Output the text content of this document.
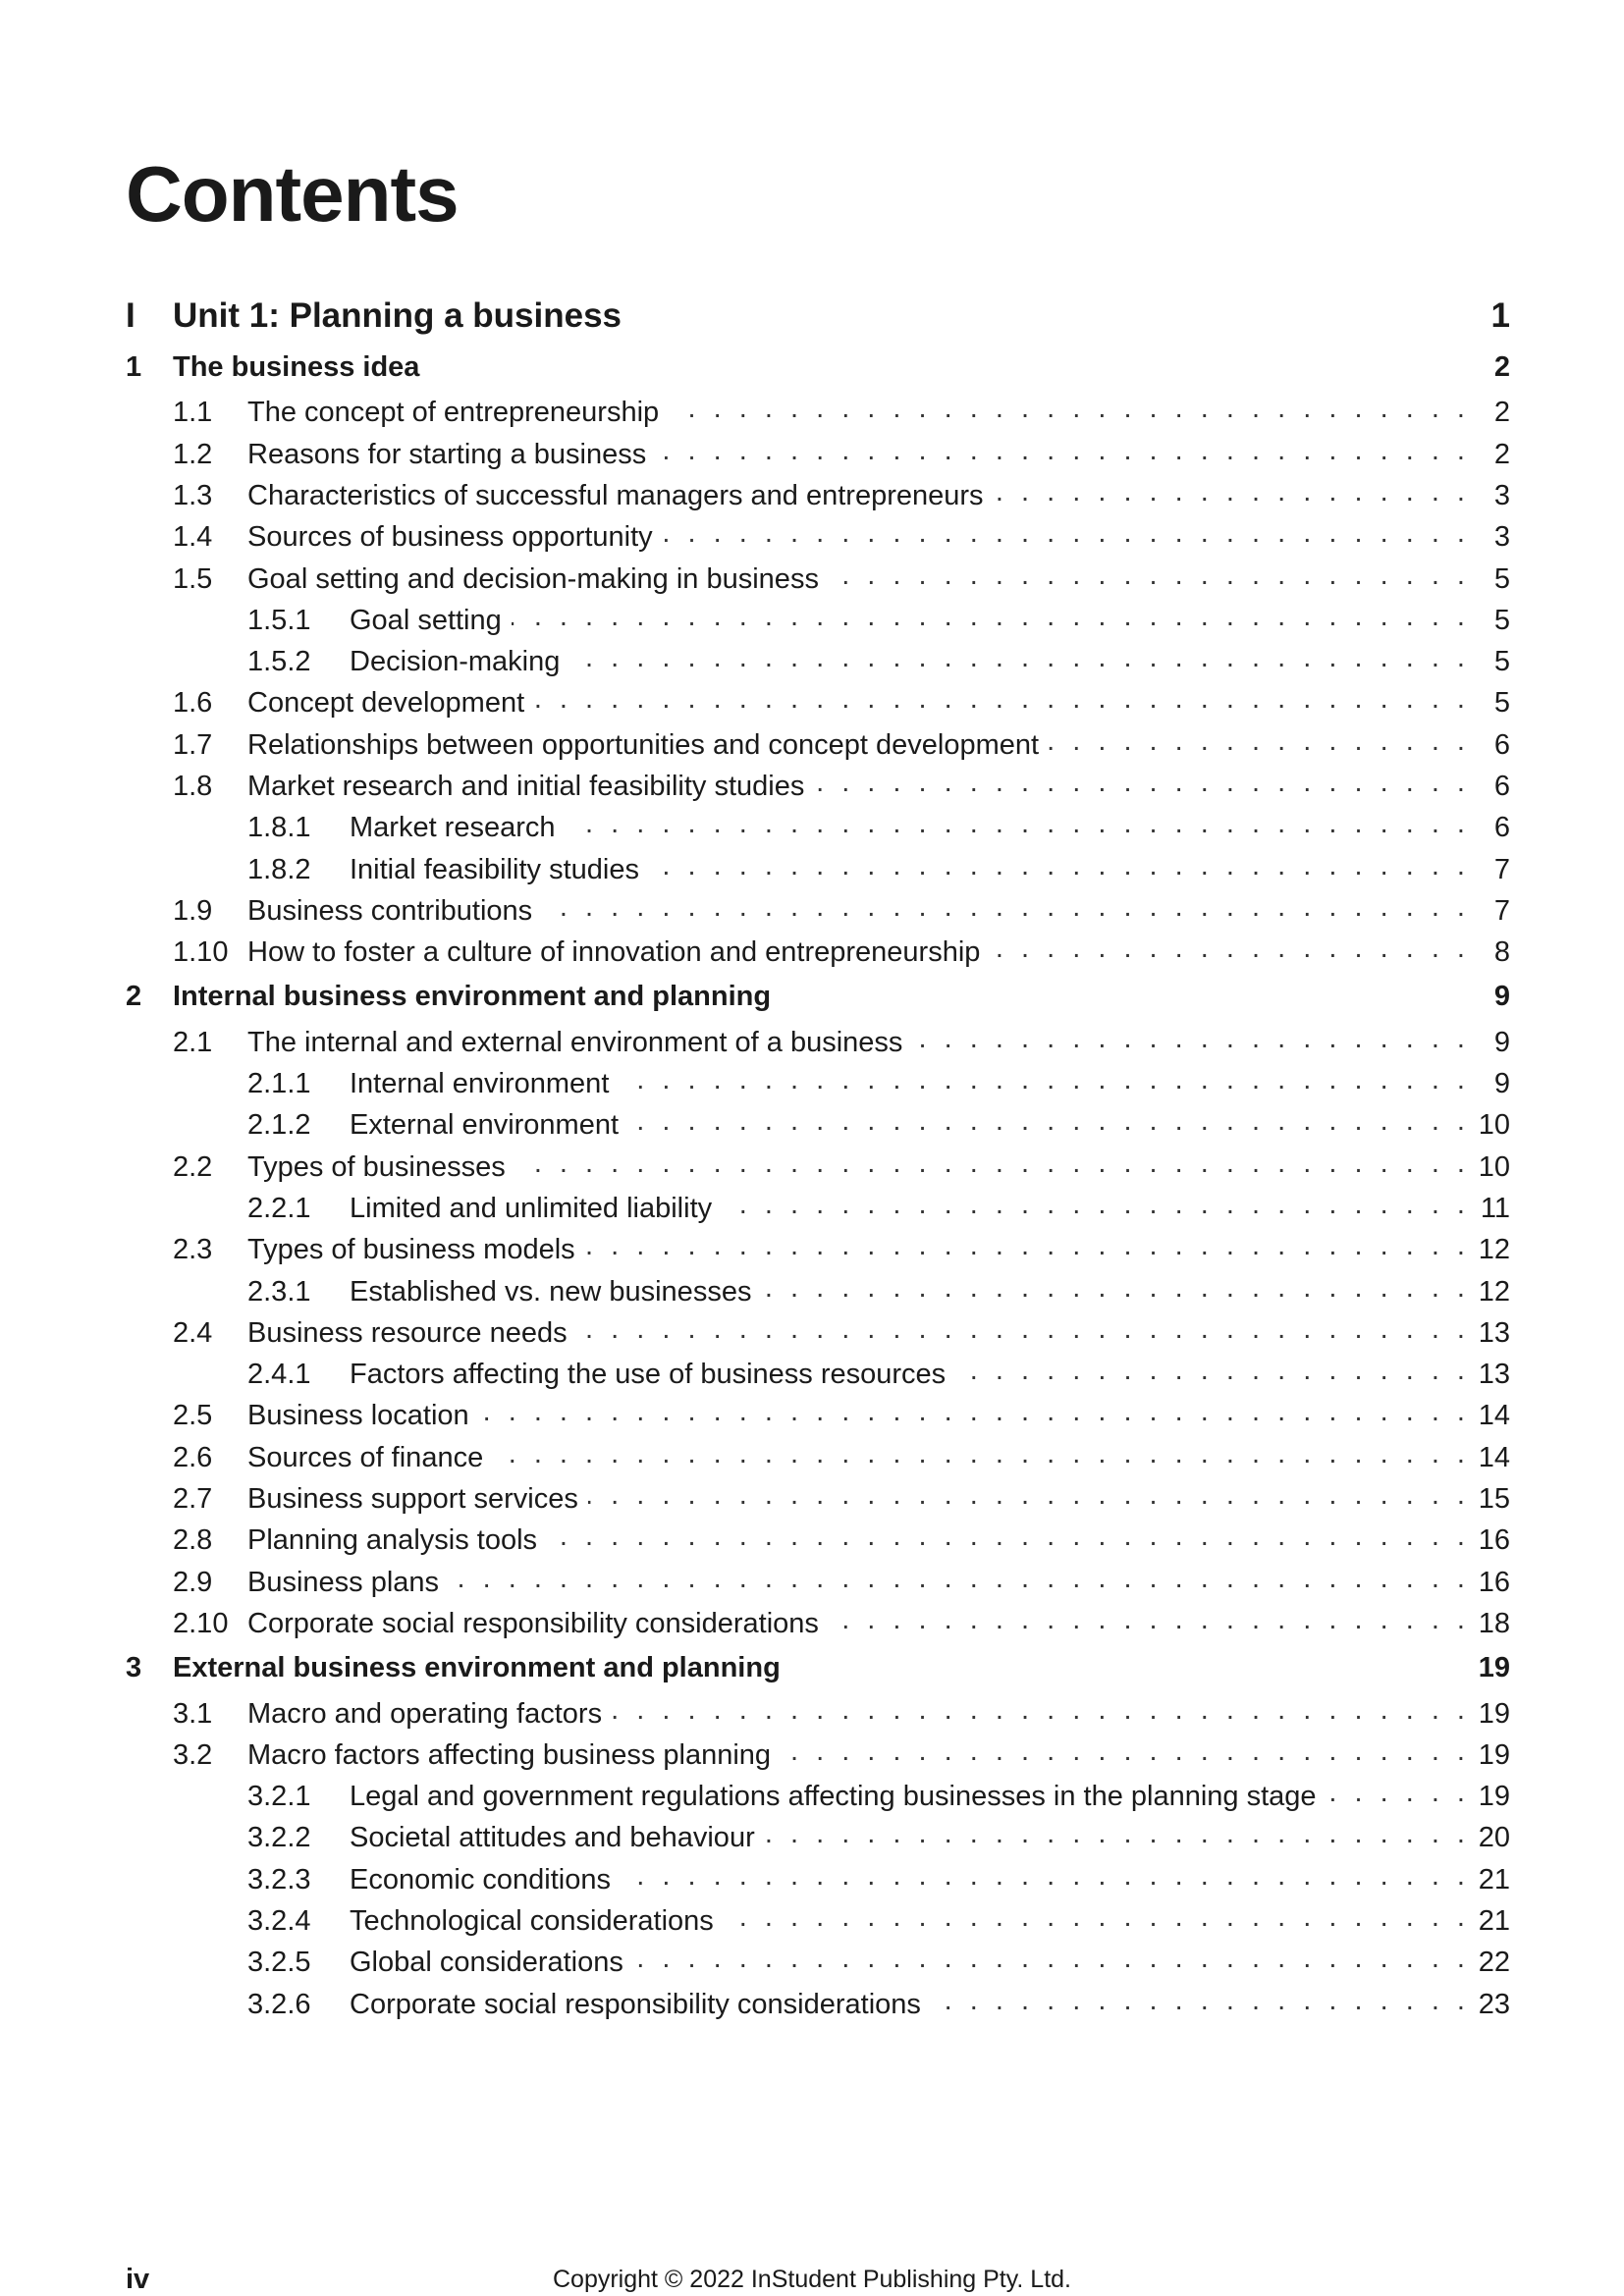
Contents
I	Unit 1: Planning a business	1
1	The business idea	2
1.1	The concept of entrepreneurship . . .	2
1.2	Reasons for starting a business . . .	2
1.3	Characteristics of successful managers and entrepreneurs . . .	3
1.4	Sources of business opportunity . . .	3
1.5	Goal setting and decision-making in business . . .	5
1.5.1	Goal setting . . .	5
1.5.2	Decision-making . . .	5
1.6	Concept development . . .	5
1.7	Relationships between opportunities and concept development . . .	6
1.8	Market research and initial feasibility studies . . .	6
1.8.1	Market research . . .	6
1.8.2	Initial feasibility studies . . .	7
1.9	Business contributions . . .	7
1.10 How to foster a culture of innovation and entrepreneurship . . .	8
2	Internal business environment and planning	9
2.1	The internal and external environment of a business . . .	9
2.1.1	Internal environment . . .	9
2.1.2	External environment . . .	10
2.2	Types of businesses . . .	10
2.2.1	Limited and unlimited liability . . .	11
2.3	Types of business models . . .	12
2.3.1	Established vs. new businesses . . .	12
2.4	Business resource needs . . .	13
2.4.1	Factors affecting the use of business resources . . .	13
2.5	Business location . . .	14
2.6	Sources of finance . . .	14
2.7	Business support services . . .	15
2.8	Planning analysis tools . . .	16
2.9	Business plans . . .	16
2.10 Corporate social responsibility considerations . . .	18
3	External business environment and planning	19
3.1	Macro and operating factors . . .	19
3.2	Macro factors affecting business planning . . .	19
3.2.1	Legal and government regulations affecting businesses in the planning stage . . .	19
3.2.2	Societal attitudes and behaviour . . .	20
3.2.3	Economic conditions . . .	21
3.2.4	Technological considerations . . .	21
3.2.5	Global considerations . . .	22
3.2.6	Corporate social responsibility considerations . . .	23
iv	Copyright © 2022 InStudent Publishing Pty. Ltd.
